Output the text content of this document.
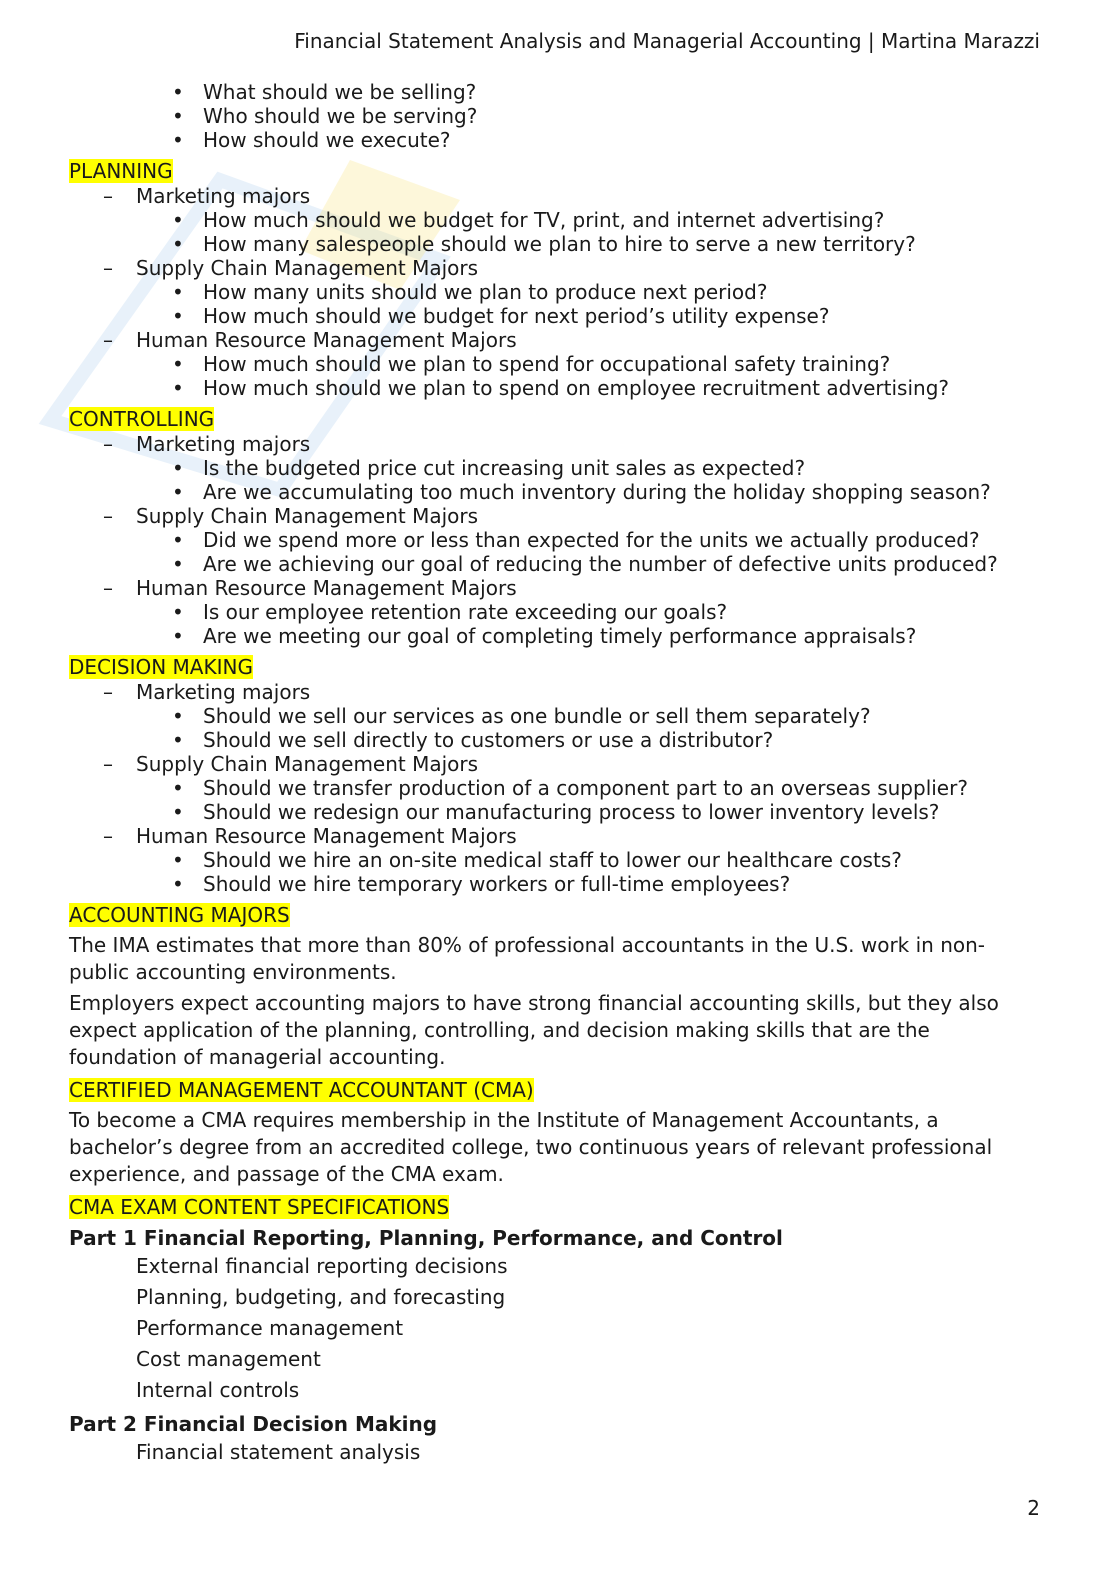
Financial Statement Analysis and Managerial Accounting | Martina Marazzi
• What should we be selling?
• Who should we be serving?
• How should we execute?
PLANNING
– Marketing majors
• How much should we budget for TV, print, and internet advertising?
• How many salespeople should we plan to hire to serve a new territory?
– Supply Chain Management Majors
• How many units should we plan to produce next period?
• How much should we budget for next period’s utility expense?
– Human Resource Management Majors
• How much should we plan to spend for occupational safety training?
• How much should we plan to spend on employee recruitment advertising?
CONTROLLING
– Marketing majors
• Is the budgeted price cut increasing unit sales as expected?
• Are we accumulating too much inventory during the holiday shopping season?
– Supply Chain Management Majors
• Did we spend more or less than expected for the units we actually produced?
• Are we achieving our goal of reducing the number of defective units produced?
– Human Resource Management Majors
• Is our employee retention rate exceeding our goals?
• Are we meeting our goal of completing timely performance appraisals?
DECISION MAKING
– Marketing majors
• Should we sell our services as one bundle or sell them separately?
• Should we sell directly to customers or use a distributor?
– Supply Chain Management Majors
• Should we transfer production of a component part to an overseas supplier?
• Should we redesign our manufacturing process to lower inventory levels?
– Human Resource Management Majors
• Should we hire an on-site medical staff to lower our healthcare costs?
• Should we hire temporary workers or full-time employees?
ACCOUNTING MAJORS
The IMA estimates that more than 80% of professional accountants in the U.S. work in non-public accounting environments.
Employers expect accounting majors to have strong financial accounting skills, but they also expect application of the planning, controlling, and decision making skills that are the foundation of managerial accounting.
CERTIFIED MANAGEMENT ACCOUNTANT (CMA)
To become a CMA requires membership in the Institute of Management Accountants, a bachelor’s degree from an accredited college, two continuous years of relevant professional experience, and passage of the CMA exam.
CMA EXAM CONTENT SPECIFICATIONS
Part 1 Financial Reporting, Planning, Performance, and Control
External financial reporting decisions
Planning, budgeting, and forecasting
Performance management
Cost management
Internal controls
Part 2 Financial Decision Making
Financial statement analysis
2
